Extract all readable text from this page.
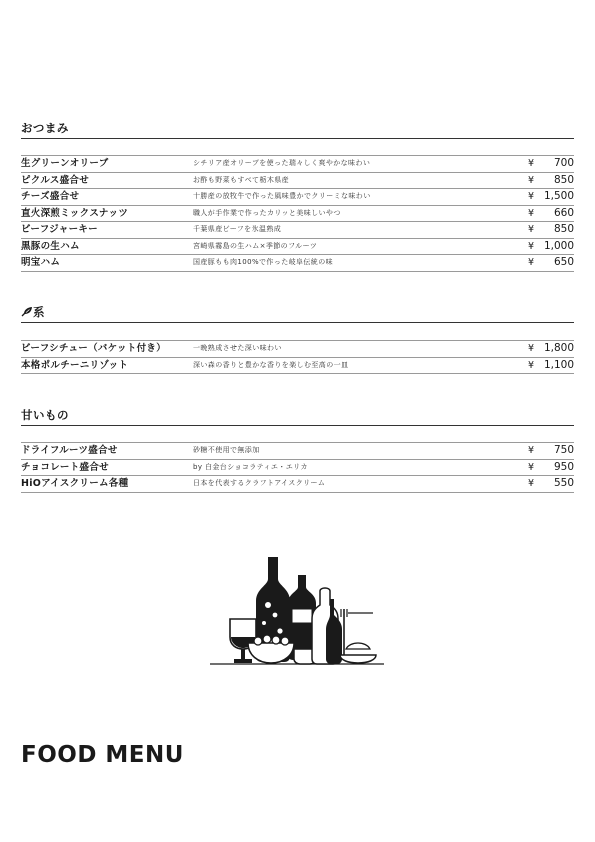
おつまみ
生グリーンオリーブ	シチリア産オリーブを使った瑞々しく爽やかな味わい	¥ 700
ピクルス盛合せ	お酢も野菜もすべて栃木県産	¥ 850
チーズ盛合せ	十勝産の放牧牛で作った風味豊かでクリーミな味わい	¥ 1,500
直火深煎ミックスナッツ	職人が手作業で作ったカリッと美味しいやつ	¥ 660
ビーフジャーキー	千葉県産ビーフを氷温熟成	¥ 850
黒豚の生ハム	宮崎県霧島の生ハム×季節のフルーツ	¥ 1,000
明宝ハム	国産豚もも肉100%で作った岐阜伝統の味	¥ 650
系
ビーフシチュー（バケット付き）	一晩熟成させた深い味わい	¥ 1,800
本格ポルチーニリゾット	深い森の香りと豊かな香りを楽しむ至高の一皿	¥ 1,100
甘いもの
ドライフルーツ盛合せ	砂糖不使用で無添加	¥ 750
チョコレート盛合せ	by 白金台ショコラティエ・エリカ	¥ 950
HiOアイスクリーム各種	日本を代表するクラフトアイスクリーム	¥ 550
FOOD MENU
